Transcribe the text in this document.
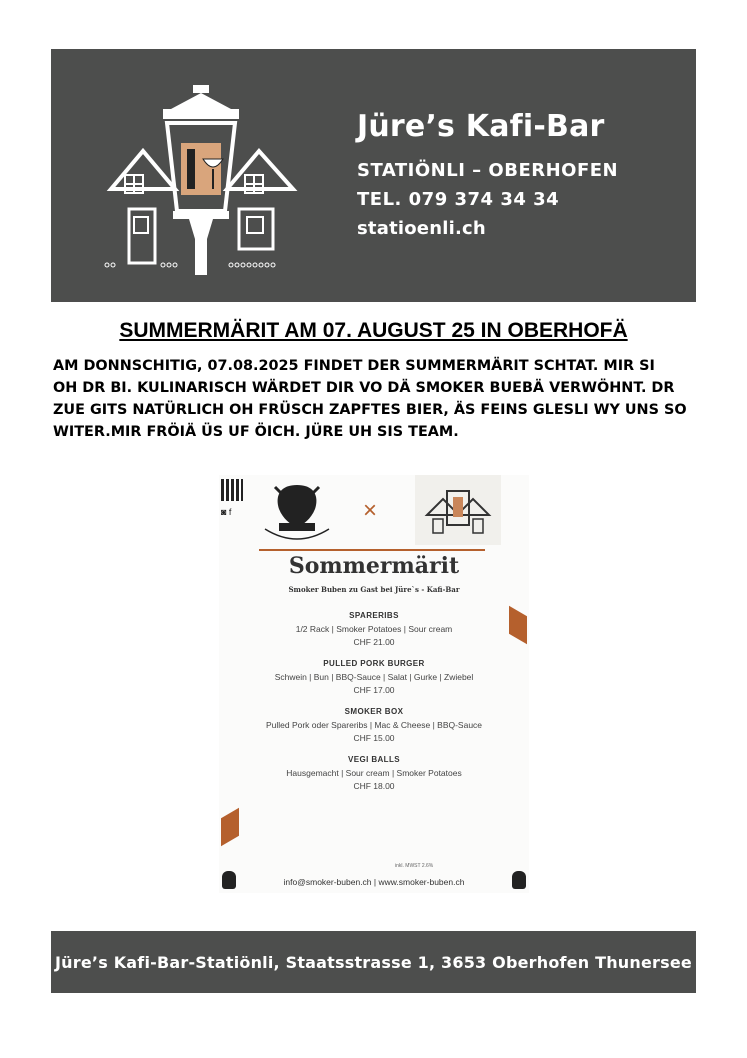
Jüre’s Kafi-Bar
STATIÖNLI – OBERHOFEN
TEL. 079 374 34 34
statioenli.ch
SUMMERMÄRIT AM 07. AUGUST 25 IN OBERHOFÄ
AM DONNSCHITIG, 07.08.2025 FINDET DER SUMMERMÄRIT SCHTAT. MIR SI
OH DR BI. KULINARISCH WÄRDET DIR VO DÄ SMOKER BUEBÄ VERWÖHNT. DR
ZUE GITS NATÜRLICH OH FRÜSCH ZAPFTES BIER, ÄS FEINS GLESLI WY UNS SO
WITER.MIR FRÖIÄ ÜS UF ÖICH. JÜRE UH SIS TEAM.
◙ f	×
Sommermärit
Smoker Buben zu Gast bei Jüre`s - Kafi-Bar
SPARERIBS
1/2 Rack | Smoker Potatoes | Sour cream
CHF 21.00
PULLED PORK BURGER
Schwein | Bun | BBQ-Sauce | Salat | Gurke | Zwiebel
CHF 17.00
SMOKER BOX
Pulled Pork oder Spareribs | Mac & Cheese | BBQ-Sauce
CHF 15.00
VEGI BALLS
Hausgemacht | Sour cream | Smoker Potatoes
CHF 18.00
inkl. MWST 2.6%
info@smoker-buben.ch | www.smoker-buben.ch
Jüre’s Kafi-Bar-Statiönli, Staatsstrasse 1, 3653 Oberhofen Thunersee
